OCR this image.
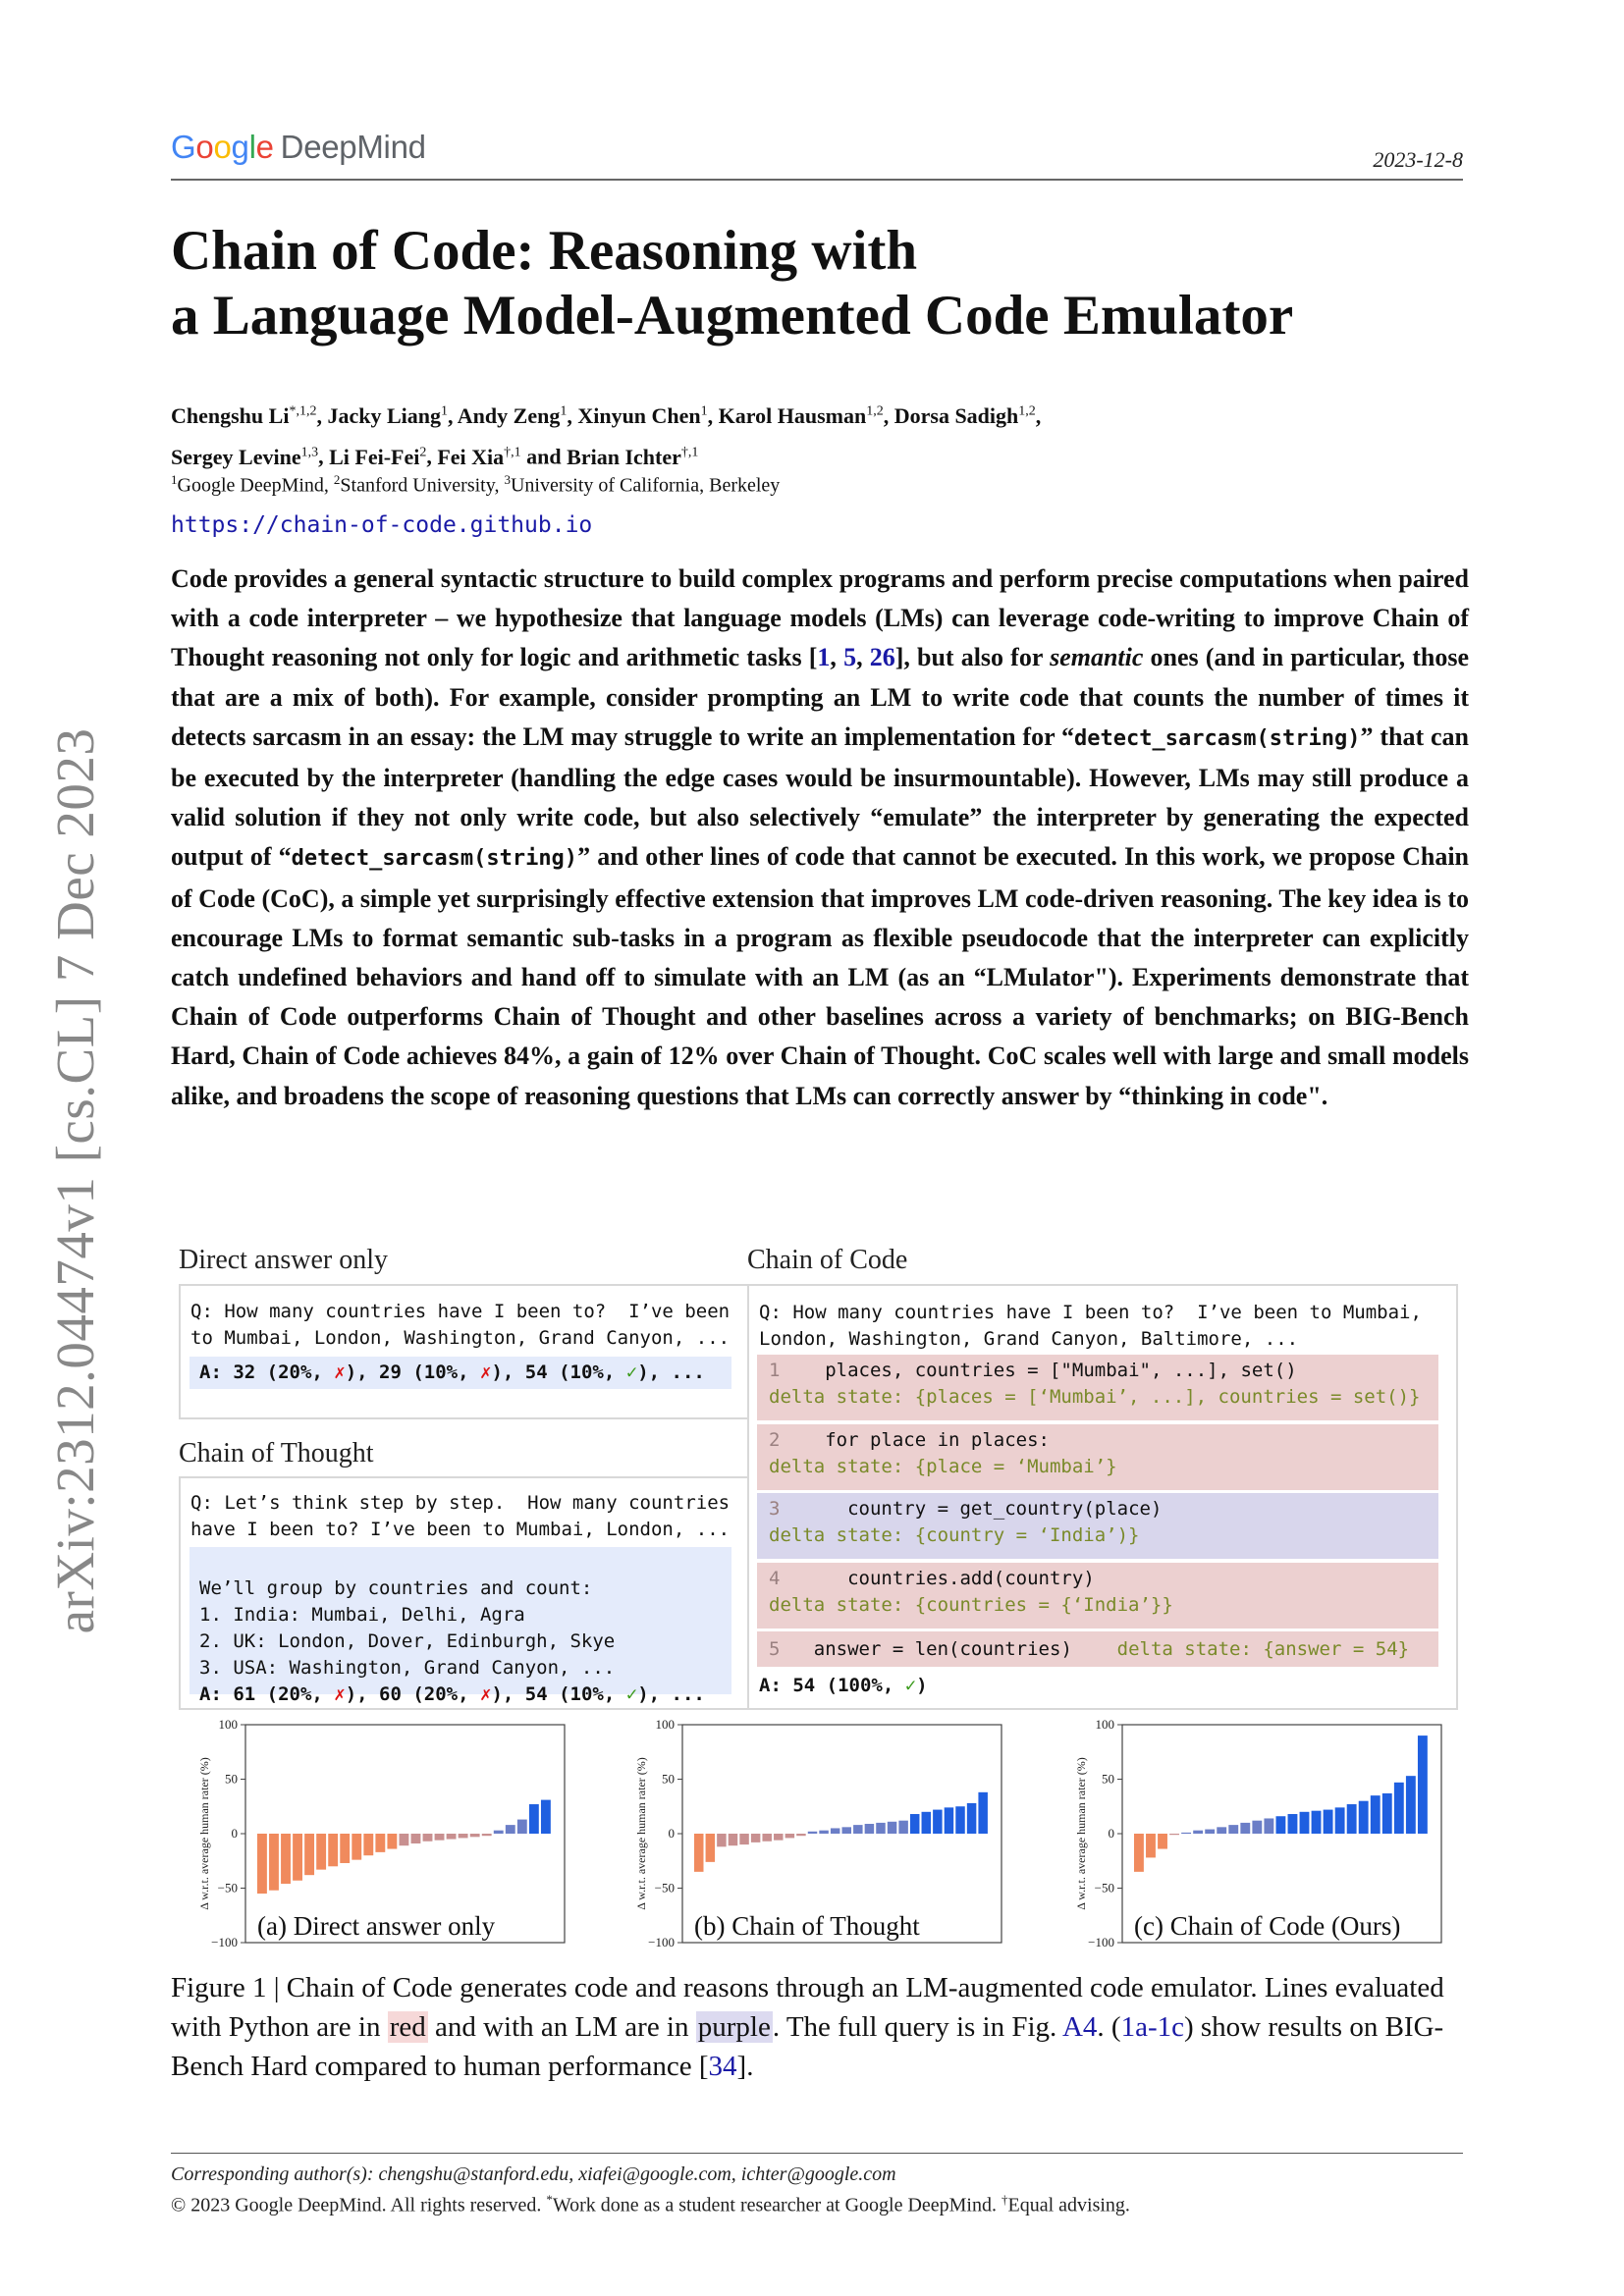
Google DeepMind	2023-12-8
Chain of Code: Reasoning with
a Language Model-Augmented Code Emulator
Chengshu $Li^{*,1,2}$, Jacky Liang$^1$, Andy Zeng$^1$, Xinyun Chen$^1$, Karol Hausman$^{1,2}$, Dorsa Sadigh$^{1,2}$,
Sergey Levine$^{1,3}$, Li Fei-Fei$^2$, Fei Xia$^{\dagger,1}$ and Brian Ichter$^{\dagger,1}$
$^1$Google DeepMind, $^2$Stanford University, $^3$University of California, Berkeley
https://chain-of-code.github.io
Code provides a general syntactic structure to build complex programs and perform precise computations when paired with a code interpreter – we hypothesize that language models (LMs) can leverage code-writing to improve Chain of Thought reasoning not only for logic and arithmetic tasks [1, 5, 26], but also for semantic ones (and in particular, those that are a mix of both). For example, consider prompting an LM to write code that counts the number of times it detects sarcasm in an essay: the LM may struggle to write an implementation for “detect_sarcasm(string)” that can be executed by the interpreter (handling the edge cases would be insurmountable). However, LMs may still produce a valid solution if they not only write code, but also selectively “emulate” the interpreter by generating the expected output of “detect_sarcasm(string)” and other lines of code that cannot be executed. In this work, we propose Chain of Code (CoC), a simple yet surprisingly effective extension that improves LM code-driven reasoning. The key idea is to encourage LMs to format semantic sub-tasks in a program as flexible pseudocode that the interpreter can explicitly catch undefined behaviors and hand off to simulate with an LM (as an “LMulator"). Experiments demonstrate that Chain of Code outperforms Chain of Thought and other baselines across a variety of benchmarks; on BIG-Bench Hard, Chain of Code achieves 84%, a gain of 12% over Chain of Thought. CoC scales well with large and small models alike, and broadens the scope of reasoning questions that LMs can correctly answer by “thinking in code".
arXiv:2312.04474v1 [cs.CL] 7 Dec 2023	Direct answer only
Q: How many countries have I been to?  I’ve been
to Mumbai, London, Washington, Grand Canyon, ...
A: 32 (20%, ✗), 29 (10%, ✗), 54 (10%, ✓), ...
Chain of Thought
Q: Let’s think step by step.  How many countries
have I been to? I’ve been to Mumbai, London, ...

We’ll group by countries and count:
1. India: Mumbai, Delhi, Agra
2. UK: London, Dover, Edinburgh, Skye
3. USA: Washington, Grand Canyon, ...
A: 61 (20%, ✗), 60 (20%, ✗), 54 (10%, ✓), ...
Chain of Code
Q: How many countries have I been to?  I’ve been to Mumbai,
London, Washington, Grand Canyon, Baltimore, ...
1 places, countries = ["Mumbai", ...], set()
delta state: {places = [‘Mumbai’, ...], countries = set()}
2 for place in places:
delta state: {place = ‘Mumbai’}
3      country = get_country(place)
delta state: {country = ‘India’)}
4      countries.add(country)
delta state: {countries = {‘India’}}
5 answer = len(countries) delta state: {answer = 54}
A: 54 (100%, ✓)
100
50
0
−50
−100
Δ w.r.t. average human rater (%)
(a) Direct answer only
100
50
0
−50
−100
Δ w.r.t. average human rater (%)
(b) Chain of Thought
100
50
0
−50
−100
Δ w.r.t. average human rater (%)
(c) Chain of Code (Ours)
Figure 1 | Chain of Code generates code and reasons through an LM-augmented code emulator. Lines evaluated with Python are in red and with an LM are in purple. The full query is in Fig. A4. (1a-1c) show results on BIG-Bench Hard compared to human performance [34].
Corresponding author(s): chengshu@stanford.edu, xiafei@google.com, ichter@google.com
© 2023 Google DeepMind. All rights reserved. *Work done as a student researcher at Google DeepMind. †Equal advising.
